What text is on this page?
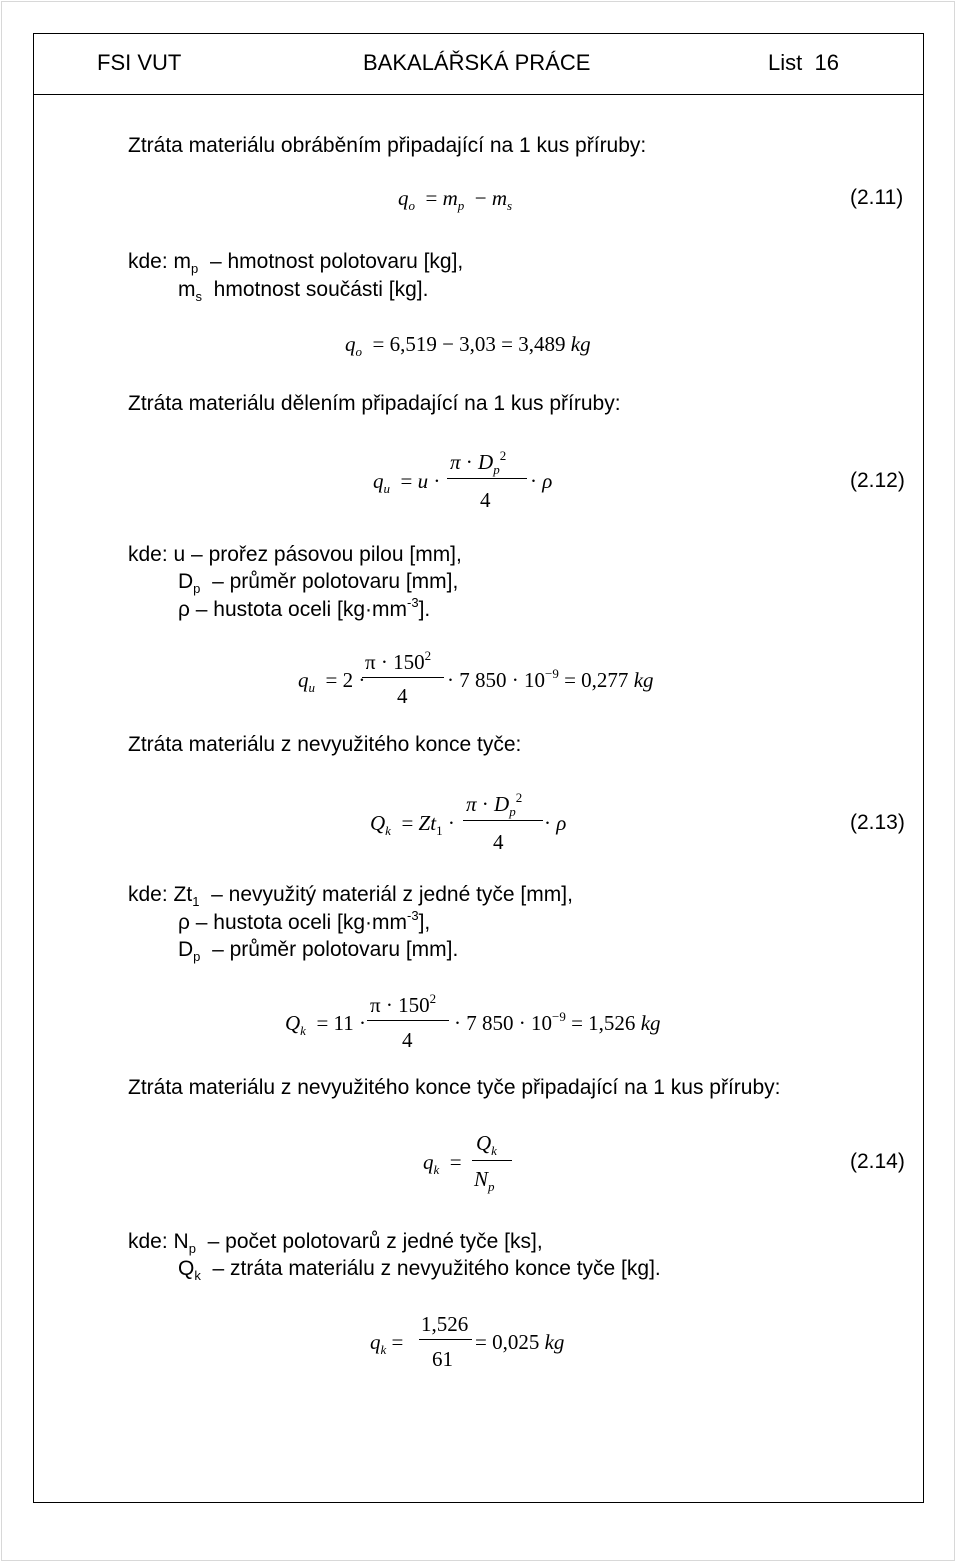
FSI VUT	BAKALÁŘSKÁ PRÁCE	List 16
Ztráta materiálu obráběním připadající na 1 kus příruby:
$q_o = m_p - m_s$	(2.11)
kde: $m_p$ – hmotnost polotovaru [kg],
$m_s$ hmotnost součásti [kg].
$q_o = 6,519 - 3,03 = 3,489$ kg
Ztráta materiálu dělením připadající na 1 kus příruby:
$\pi \cdot D_p^2$
$q_u = u$ ·
4
· ρ	(2.12)
kde: u – prořez pásovou pilou [mm],
$D_p$ – průměr polotovaru [mm],
ρ – hustota oceli $[kg\cdot mm^{-3}]$.
$\pi \cdot 150^2$
$q_u = 2$ ·
4
· 7 $850 \cdot 10^{-9} = 0,277$ kg
Ztráta materiálu z nevyužitého konce tyče:
$\pi \cdot D_p^2$
$Q_k = Zt_1$ ·
4
· ρ	(2.13)
kde: $Zt_1$ – nevyužitý materiál z jedné tyče [mm],
ρ – hustota oceli $[kg\cdot mm^{-3}]$,
$D_p$ – průměr polotovaru [mm].
$\pi \cdot 150^2$
$Q_k = 11$ ·
4
· 7 $850 \cdot 10^{-9} = 1,526$ kg
Ztráta materiálu z nevyužitého konce tyče připadající na 1 kus příruby:
$Q_k$
$q_k$  =
$N_p$
(2.14)
kde: $N_p$ – počet polotovarů z jedné tyče [ks],
$Q_k$ – ztráta materiálu z nevyužitého konce tyče [kg].
1,526
$q_k$ =
61
= 0,025 kg
